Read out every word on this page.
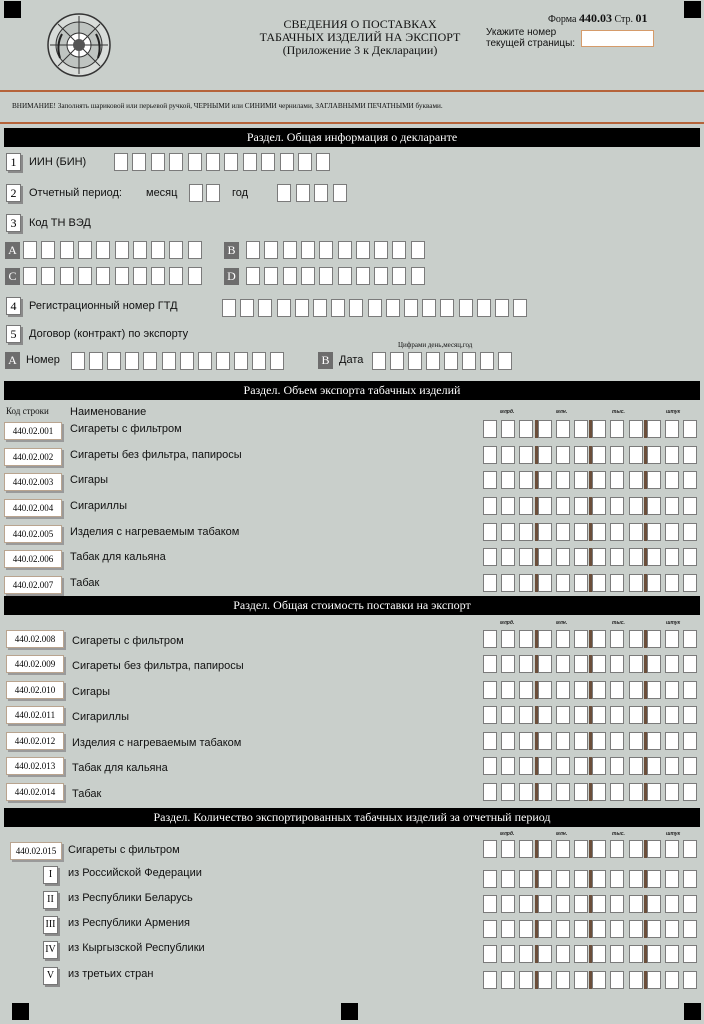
СВЕДЕНИЯ О ПОСТАВКАХ
ТАБАЧНЫХ ИЗДЕЛИЙ НА ЭКСПОРТ
(Приложение 3 к Декларации)
Форма 440.03 Стр. 01
Укажите номер
текущей страницы:
ВНИМАНИЕ! Заполнять шариковой или перьевой ручкой, ЧЕРНЫМИ или СИНИМИ чернилами, ЗАГЛАВНЫМИ ПЕЧАТНЫМИ буквами.
Раздел. Общая информация о декларанте
1	ИИН (БИН)
2	Отчетный период: месяц	год
3	Код ТН ВЭД
A	B
C	D
4	Регистрационный номер ГТД
5	Договор (контракт) по экспорту
A Номер	B Дата
Цифрами день,месяц,год
Раздел. Объем экспорта табачных изделий
Код строки Наименование
Раздел. Общая стоимость поставки на экспорт
Раздел. Количество экспортированных табачных изделий за отчетный период
440.02.015	Сигареты с фильтром
млрд.	млн.	тыс.	штук
440.02.001	Сигареты с фильтром
440.02.002	Сигареты без фильтра, папиросы
440.02.003	Сигары
440.02.004	Сигариллы
440.02.005	Изделия с нагреваемым табаком
440.02.006	Табак для кальяна
440.02.007	Табак
млрд.	млн.	тыс.	штук
440.02.008	Сигареты с фильтром
440.02.009	Сигареты без фильтра, папиросы
440.02.010	Сигары
440.02.011	Сигариллы
440.02.012	Изделия с нагреваемым табаком
440.02.013	Табак для кальяна
440.02.014	Табак
млрд.	млн.	тыс.	штук
I	из Российской Федерации
II	из Республики Беларусь
III из Республики Армения
IV из Кыргызской Республики
V	из третьих стран
